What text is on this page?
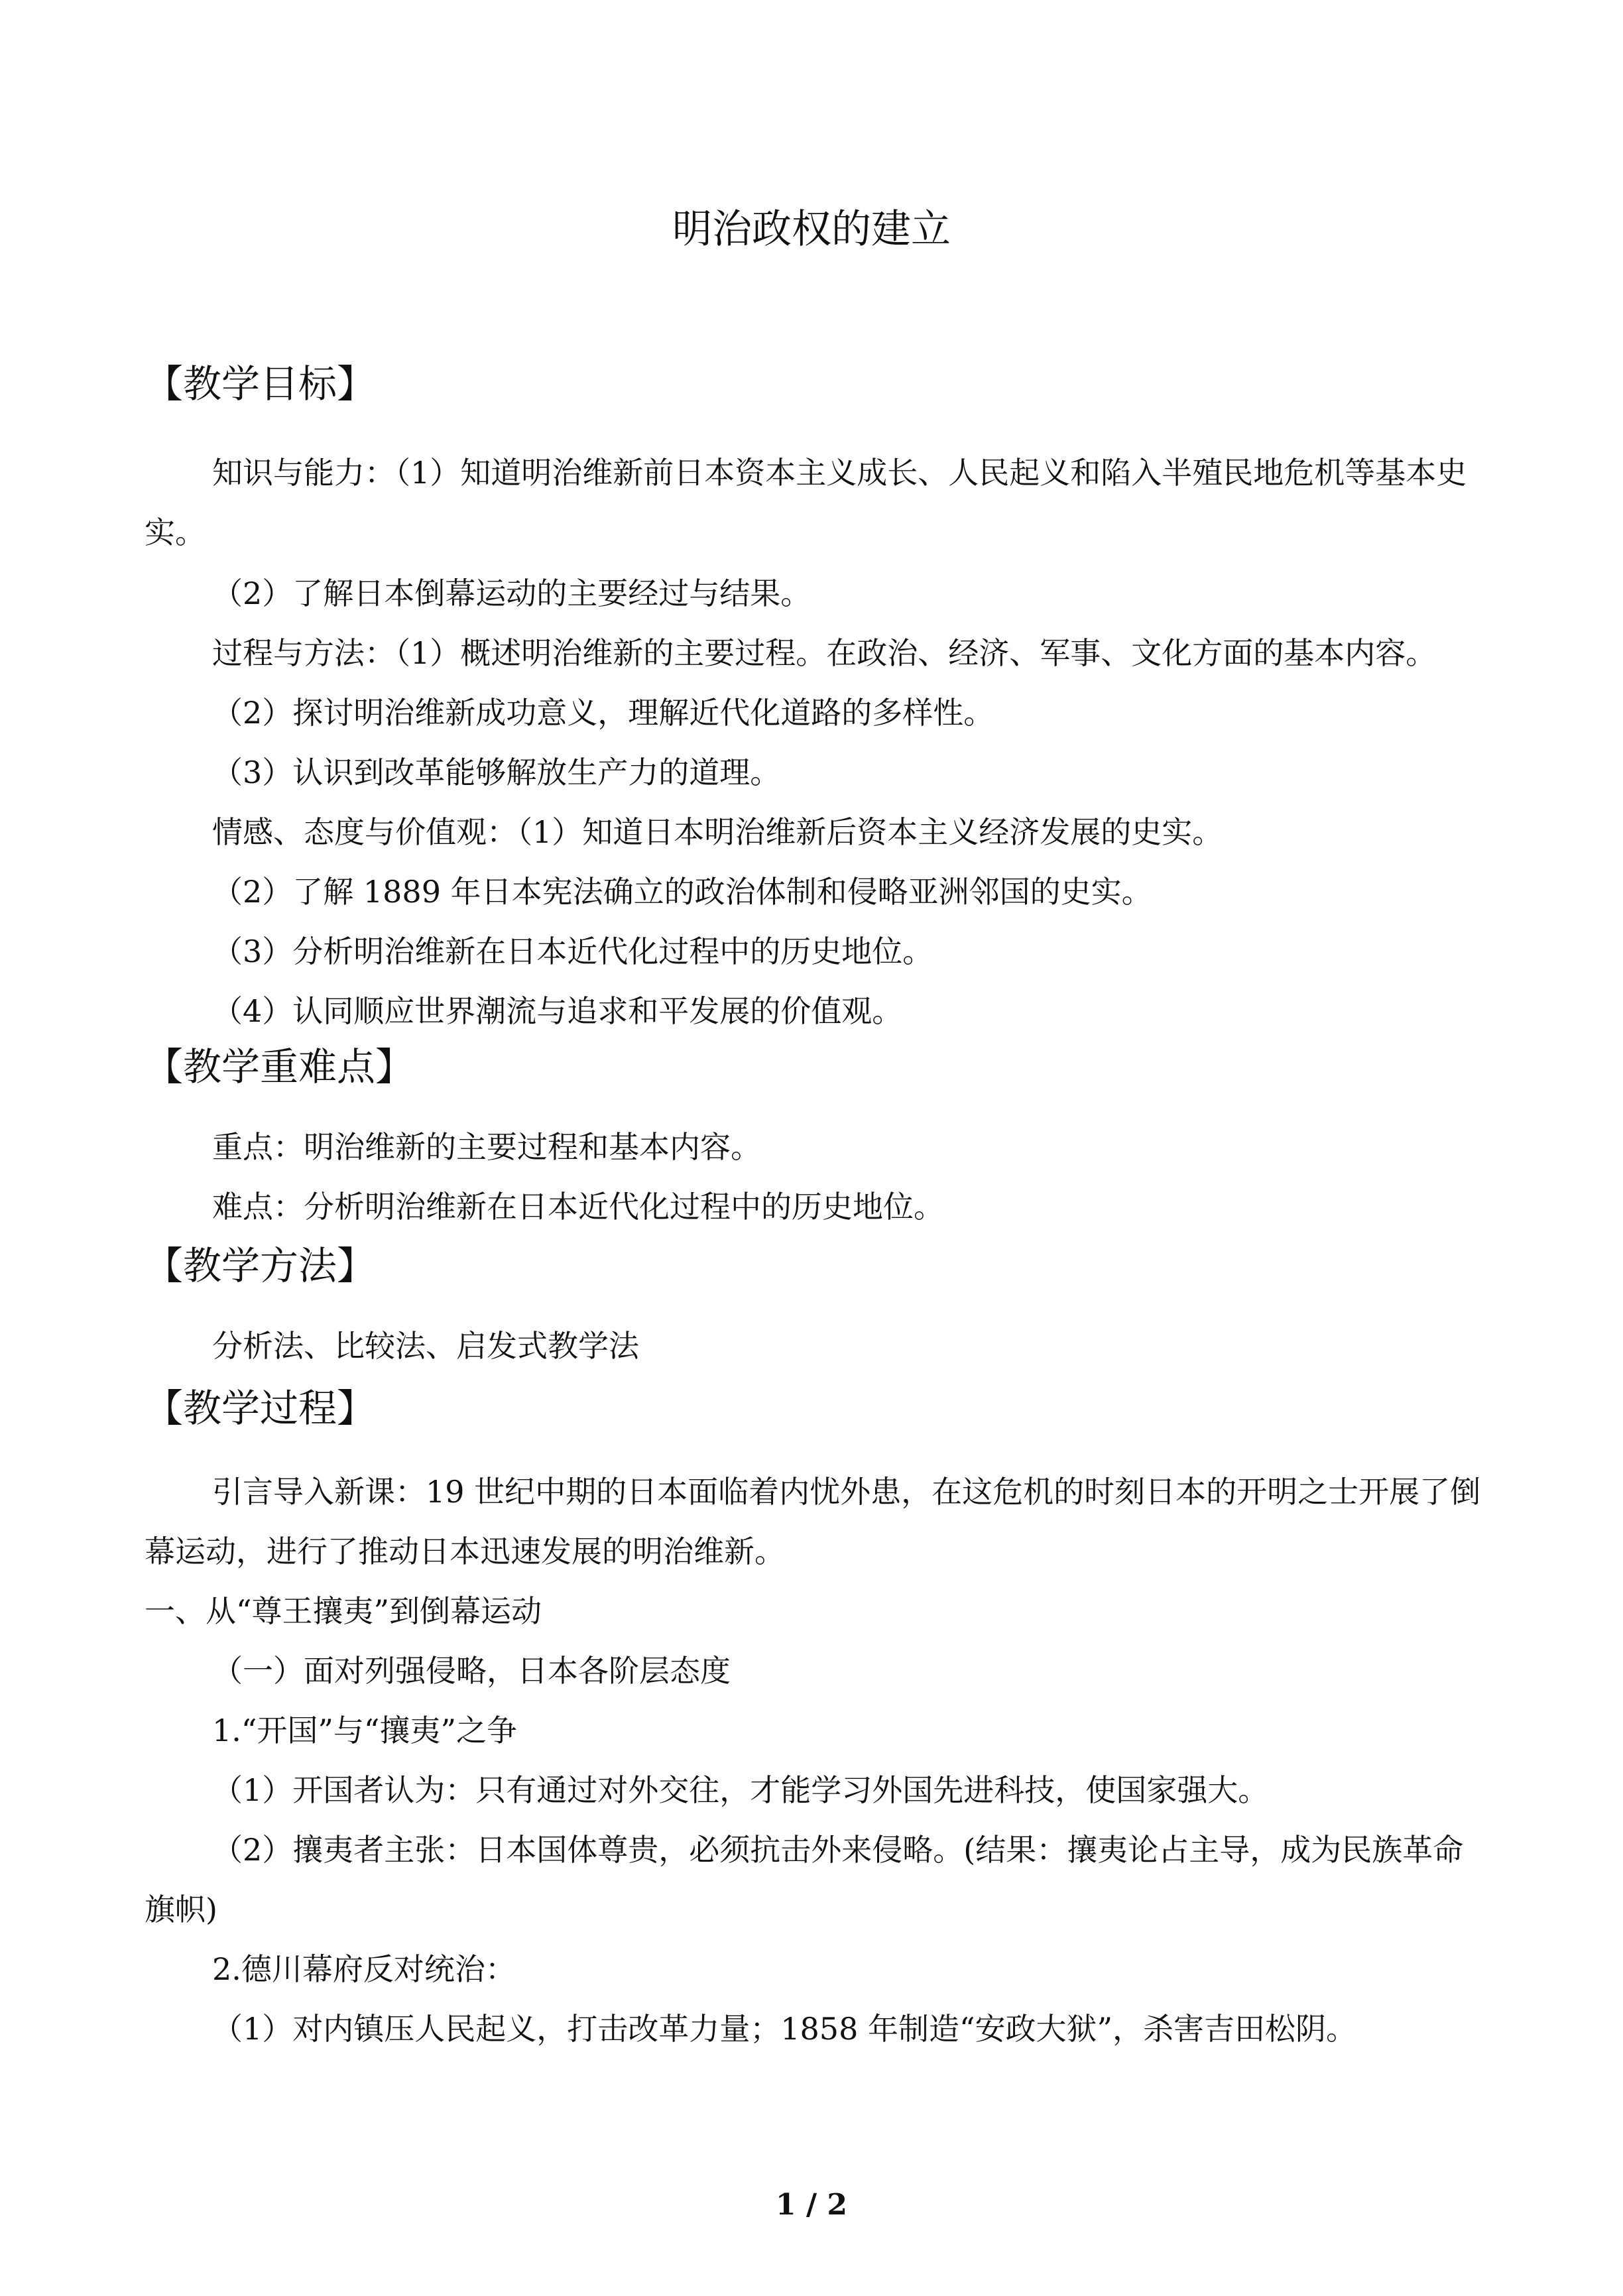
明治政权的建立
【教学目标】

知识与能力：（1）知道明治维新前日本资本主义成长、人民起义和陷入半殖民地危机等基本史实。

（2）了解日本倒幕运动的主要经过与结果。

过程与方法：（1）概述明治维新的主要过程。在政治、经济、军事、文化方面的基本内容。

（2）探讨明治维新成功意义，理解近代化道路的多样性。

（3）认识到改革能够解放生产力的道理。

情感、态度与价值观：（1）知道日本明治维新后资本主义经济发展的史实。

（2）了解 1889 年日本宪法确立的政治体制和侵略亚洲邻国的史实。

（3）分析明治维新在日本近代化过程中的历史地位。

（4）认同顺应世界潮流与追求和平发展的价值观。

【教学重难点】

重点：明治维新的主要过程和基本内容。

难点：分析明治维新在日本近代化过程中的历史地位。

【教学方法】

分析法、比较法、启发式教学法

【教学过程】

引言导入新课：19 世纪中期的日本面临着内忧外患，在这危机的时刻日本的开明之士开展了倒幕运动，进行了推动日本迅速发展的明治维新。

一、从“尊王攘夷”到倒幕运动

（一）面对列强侵略，日本各阶层态度

1.“开国”与“攘夷”之争

（1）开国者认为：只有通过对外交往，才能学习外国先进科技，使国家强大。

（2）攘夷者主张：日本国体尊贵，必须抗击外来侵略。(结果：攘夷论占主导，成为民族革命旗帜)

2.德川幕府反对统治：

（1）对内镇压人民起义，打击改革力量；1858 年制造“安政大狱”，杀害吉田松阴。

1 / 2
